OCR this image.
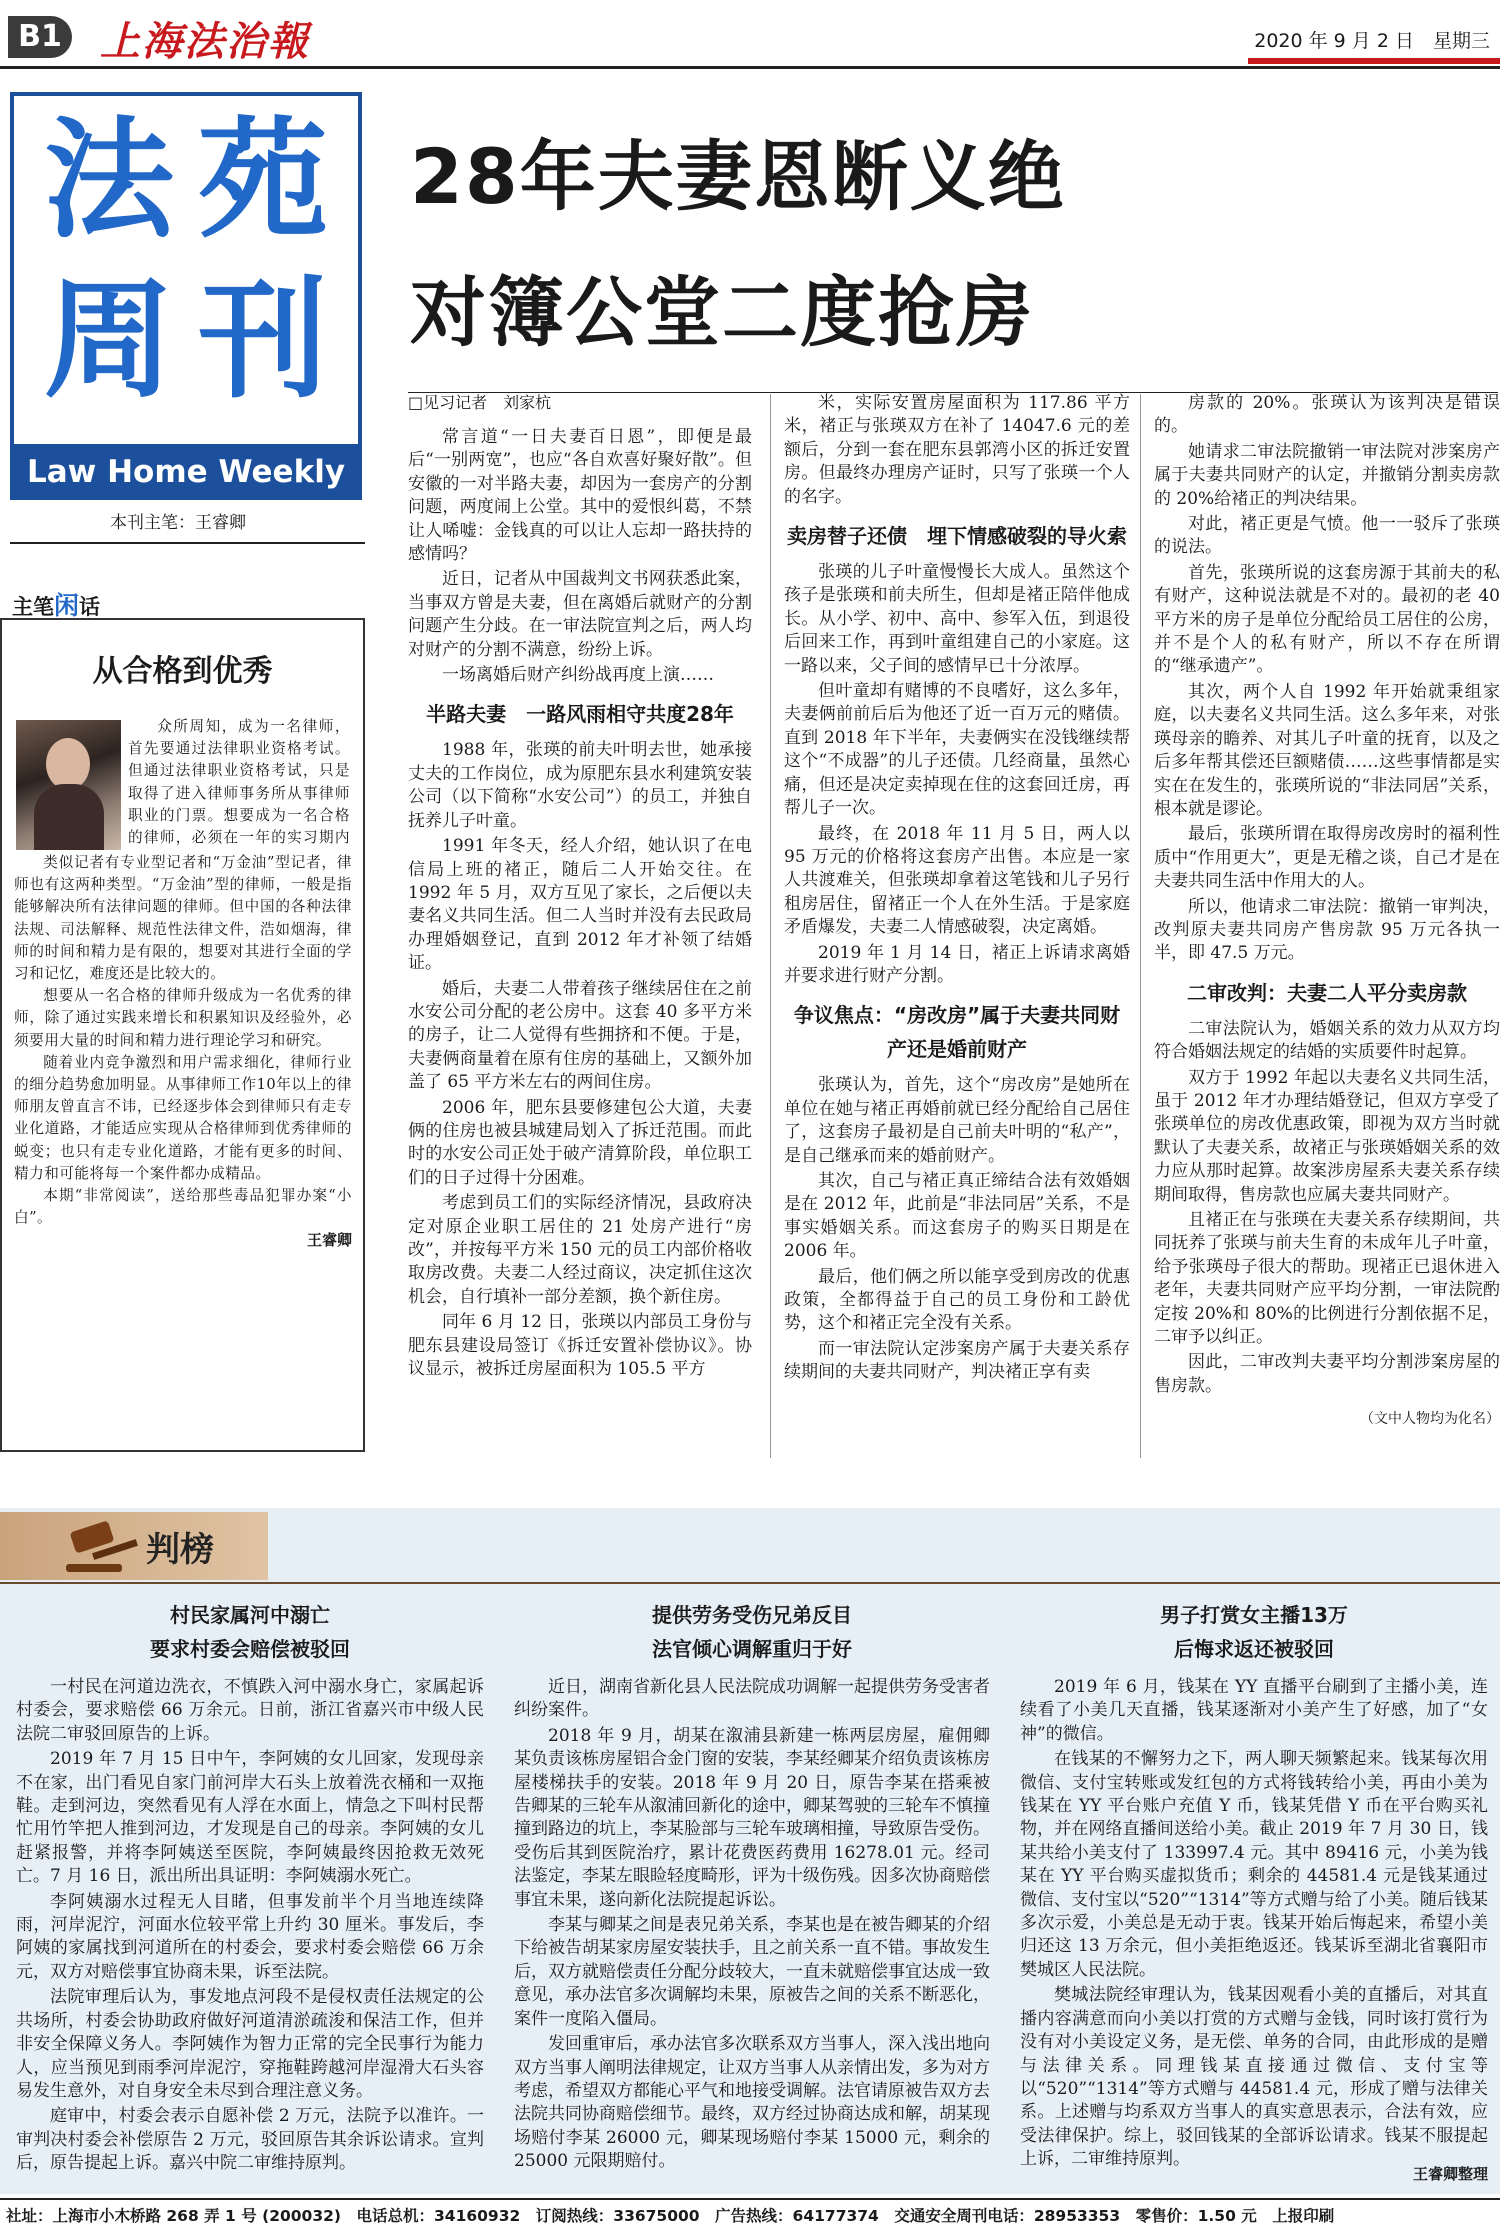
B1 上海法治報	2020 年 9 月 2 日　 星期三
法 苑
周 刊
Law Home Weekly
本刊主笔：王睿卿
主笔闲话
从合格到优秀

众所周知，成为一名律师，首先要通过法律职业资格考试。但通过法律职业资格考试，只是取得了进入律师事务所从事律师职业的门票。想要成为一名合格的律师，必须在一年的实习期内

类似记者有专业型记者和“万金油”型记者，律师也有这两种类型。“万金油”型的律师，一般是指能够解决所有法律问题的律师。但中国的各种法律法规、司法解释、规范性法律文件，浩如烟海，律师的时间和精力是有限的，想要对其进行全面的学习和记忆，难度还是比较大的。

想要从一名合格的律师升级成为一名优秀的律师，除了通过实践来增长和积累知识及经验外，必须要用大量的时间和精力进行理论学习和研究。

随着业内竞争激烈和用户需求细化，律师行业的细分趋势愈加明显。从事律师工作10年以上的律师朋友曾直言不讳，已经逐步体会到律师只有走专业化道路，才能适应实现从合格律师到优秀律师的蜕变；也只有走专业化道路，才能有更多的时间、精力和可能将每一个案件都办成精品。

本期“非常阅读”，送给那些毒品犯罪办案“小白”。

王睿卿
28年夫妻恩断义绝
对簿公堂二度抢房
□见习记者　刘家杭

常言道“一日夫妻百日恩”，即便是最后“一别两宽”，也应“各自欢喜好聚好散”。但安徽的一对半路夫妻，却因为一套房产的分割问题，两度闹上公堂。其中的爱恨纠葛，不禁让人唏嘘：金钱真的可以让人忘却一路扶持的感情吗？

近日，记者从中国裁判文书网获悉此案，当事双方曾是夫妻，但在离婚后就财产的分割问题产生分歧。在一审法院宣判之后，两人均对财产的分割不满意，纷纷上诉。

一场离婚后财产纠纷战再度上演……

半路夫妻　一路风雨相守共度28年

1988 年，张瑛的前夫叶明去世，她承接丈夫的工作岗位，成为原肥东县水利建筑安装公司（以下简称“水安公司”）的员工，并独自抚养儿子叶童。

1991 年冬天，经人介绍，她认识了在电信局上班的褚正，随后二人开始交往。在 1992 年 5 月，双方互见了家长，之后便以夫妻名义共同生活。但二人当时并没有去民政局办理婚姻登记，直到 2012 年才补领了结婚证。

婚后，夫妻二人带着孩子继续居住在之前水安公司分配的老公房中。这套 40 多平方米的房子，让二人觉得有些拥挤和不便。于是，夫妻俩商量着在原有住房的基础上，又额外加盖了 65 平方米左右的两间住房。

2006 年，肥东县要修建包公大道，夫妻俩的住房也被县城建局划入了拆迁范围。而此时的水安公司正处于破产清算阶段，单位职工们的日子过得十分困难。

考虑到员工们的实际经济情况，县政府决定对原企业职工居住的 21 处房产进行“房改”，并按每平方米 150 元的员工内部价格收取房改费。夫妻二人经过商议，决定抓住这次机会，自行填补一部分差额，换个新住房。

同年 6 月 12 日，张瑛以内部员工身份与肥东县建设局签订《拆迁安置补偿协议》。协议显示，被拆迁房屋面积为 105.5 平方

米，实际安置房屋面积为 117.86 平方米，褚正与张瑛双方在补了 14047.6 元的差额后，分到一套在肥东县郭湾小区的拆迁安置房。但最终办理房产证时，只写了张瑛一个人的名字。

卖房替子还债　埋下情感破裂的导火索

张瑛的儿子叶童慢慢长大成人。虽然这个孩子是张瑛和前夫所生，但却是褚正陪伴他成长。从小学、初中、高中、参军入伍，到退役后回来工作，再到叶童组建自己的小家庭。这一路以来，父子间的感情早已十分浓厚。

但叶童却有赌博的不良嗜好，这么多年，夫妻俩前前后后为他还了近一百万元的赌债。直到 2018 年下半年，夫妻俩实在没钱继续帮这个“不成器”的儿子还债。几经商量，虽然心痛，但还是决定卖掉现在住的这套回迁房，再帮儿子一次。

最终，在 2018 年 11 月 5 日，两人以 95 万元的价格将这套房产出售。本应是一家人共渡难关，但张瑛却拿着这笔钱和儿子另行租房居住，留褚正一个人在外生活。于是家庭矛盾爆发，夫妻二人情感破裂，决定离婚。

2019 年 1 月 14 日，褚正上诉请求离婚并要求进行财产分割。

争议焦点：“房改房”属于夫妻共同财产还是婚前财产

张瑛认为，首先，这个“房改房”是她所在单位在她与褚正再婚前就已经分配给自己居住了，这套房子最初是自己前夫叶明的“私产”，是自己继承而来的婚前财产。

其次，自己与褚正真正缔结合法有效婚姻是在 2012 年，此前是“非法同居”关系，不是事实婚姻关系。而这套房子的购买日期是在 2006 年。

最后，他们俩之所以能享受到房改的优惠政策，全都得益于自己的员工身份和工龄优势，这个和褚正完全没有关系。

而一审法院认定涉案房产属于夫妻关系存续期间的夫妻共同财产，判决褚正享有卖

房款的 20%。张瑛认为该判决是错误的。

她请求二审法院撤销一审法院对涉案房产属于夫妻共同财产的认定，并撤销分割卖房款的 20%给褚正的判决结果。

对此，褚正更是气愤。他一一驳斥了张瑛的说法。

首先，张瑛所说的这套房源于其前夫的私有财产，这种说法就是不对的。最初的老 40 平方米的房子是单位分配给员工居住的公房，并不是个人的私有财产，所以不存在所谓的“继承遗产”。

其次，两个人自 1992 年开始就秉组家庭，以夫妻名义共同生活。这么多年来，对张瑛母亲的瞻养、对其儿子叶童的抚育，以及之后多年帮其偿还巨额赌债……这些事情都是实实在在发生的，张瑛所说的“非法同居”关系，根本就是谬论。

最后，张瑛所谓在取得房改房时的福利性质中“作用更大”，更是无稽之谈，自己才是在夫妻共同生活中作用大的人。

所以，他请求二审法院：撤销一审判决，改判原夫妻共同房产售房款 95 万元各执一半，即 47.5 万元。

二审改判：夫妻二人平分卖房款

二审法院认为，婚姻关系的效力从双方均符合婚姻法规定的结婚的实质要件时起算。

双方于 1992 年起以夫妻名义共同生活，虽于 2012 年才办理结婚登记，但双方享受了张瑛单位的房改优惠政策，即视为双方当时就默认了夫妻关系，故褚正与张瑛婚姻关系的效力应从那时起算。故案涉房屋系夫妻关系存续期间取得，售房款也应属夫妻共同财产。

且褚正在与张瑛在夫妻关系存续期间，共同抚养了张瑛与前夫生育的未成年儿子叶童，给予张瑛母子很大的帮助。现褚正已退休进入老年，夫妻共同财产应平均分割，一审法院酌定按 20%和 80%的比例进行分割依据不足，二审予以纠正。

因此，二审改判夫妻平均分割涉案房屋的售房款。

（文中人物均为化名）
判榜
村民家属河中溺亡
要求村委会赔偿被驳回

一村民在河道边洗衣，不慎跌入河中溺水身亡，家属起诉村委会，要求赔偿 66 万余元。日前，浙江省嘉兴市中级人民法院二审驳回原告的上诉。

2019 年 7 月 15 日中午，李阿姨的女儿回家，发现母亲不在家，出门看见自家门前河岸大石头上放着洗衣桶和一双拖鞋。走到河边，突然看见有人浮在水面上，情急之下叫村民帮忙用竹竿把人推到河边，才发现是自己的母亲。李阿姨的女儿赶紧报警，并将李阿姨送至医院，李阿姨最终因抢救无效死亡。7 月 16 日，派出所出具证明：李阿姨溺水死亡。

李阿姨溺水过程无人目睹，但事发前半个月当地连续降雨，河岸泥泞，河面水位较平常上升约 30 厘米。事发后，李阿姨的家属找到河道所在的村委会，要求村委会赔偿 66 万余元，双方对赔偿事宜协商未果，诉至法院。

法院审理后认为，事发地点河段不是侵权责任法规定的公共场所，村委会协助政府做好河道清淤疏浚和保洁工作，但并非安全保障义务人。李阿姨作为智力正常的完全民事行为能力人，应当预见到雨季河岸泥泞，穿拖鞋跨越河岸湿滑大石头容易发生意外，对自身安全未尽到合理注意义务。

庭审中，村委会表示自愿补偿 2 万元，法院予以准许。一审判决村委会补偿原告 2 万元，驳回原告其余诉讼请求。宣判后，原告提起上诉。嘉兴中院二审维持原判。

提供劳务受伤兄弟反目
法官倾心调解重归于好

近日，湖南省新化县人民法院成功调解一起提供劳务受害者纠纷案件。

2018 年 9 月，胡某在溆浦县新建一栋两层房屋，雇佣卿某负责该栋房屋铝合金门窗的安装，李某经卿某介绍负责该栋房屋楼梯扶手的安装。2018 年 9 月 20 日，原告李某在搭乘被告卿某的三轮车从溆浦回新化的途中，卿某驾驶的三轮车不慎撞撞到路边的坑上，李某脸部与三轮车玻璃相撞，导致原告受伤。受伤后其到医院治疗，累计花费医药费用 16278.01 元。经司法鉴定，李某左眼睑轻度畸形，评为十级伤残。因多次协商赔偿事宜未果，遂向新化法院提起诉讼。

李某与卿某之间是表兄弟关系，李某也是在被告卿某的介绍下给被告胡某家房屋安装扶手，且之前关系一直不错。事故发生后，双方就赔偿责任分配分歧较大，一直未就赔偿事宜达成一致意见，承办法官多次调解均未果，原被告之间的关系不断恶化，案件一度陷入僵局。

发回重审后，承办法官多次联系双方当事人，深入浅出地向双方当事人阐明法律规定，让双方当事人从亲情出发，多为对方考虑，希望双方都能心平气和地接受调解。法官请原被告双方去法院共同协商赔偿细节。最终，双方经过协商达成和解，胡某现场赔付李某 26000 元，卿某现场赔付李某 15000 元，剩余的 25000 元限期赔付。

男子打赏女主播13万
后悔求返还被驳回

2019 年 6 月，钱某在 YY 直播平台刷到了主播小美，连续看了小美几天直播，钱某逐渐对小美产生了好感，加了“女神”的微信。

在钱某的不懈努力之下，两人聊天频繁起来。钱某每次用微信、支付宝转账或发红包的方式将钱转给小美，再由小美为钱某在 YY 平台账户充值 Y 币，钱某凭借 Y 币在平台购买礼物，并在网络直播间送给小美。截止 2019 年 7 月 30 日，钱某共给小美支付了 133997.4 元。其中 89416 元，小美为钱某在 YY 平台购买虚拟货币；剩余的 44581.4 元是钱某通过微信、支付宝以“520”“1314”等方式赠与给了小美。随后钱某多次示爱，小美总是无动于衷。钱某开始后悔起来，希望小美归还这 13 万余元，但小美拒绝返还。钱某诉至湖北省襄阳市樊城区人民法院。

樊城法院经审理认为，钱某因观看小美的直播后，对其直播内容满意而向小美以打赏的方式赠与金钱，同时该打赏行为没有对小美设定义务，是无偿、单务的合同，由此形成的是赠与法律关系。同理钱某直接通过微信、支付宝等以“520”“1314”等方式赠与 44581.4 元，形成了赠与法律关系。上述赠与均系双方当事人的真实意思表示，合法有效，应受法律保护。综上，驳回钱某的全部诉讼请求。钱某不服提起上诉，二审维持原判。

王睿卿整理
社址：上海市小木桥路 268 弄 1 号 (200032)　电话总机：34160932　订阅热线：33675000　广告热线：64177374　交通安全周刊电话：28953353　零售价：1.50 元　上报印刷
